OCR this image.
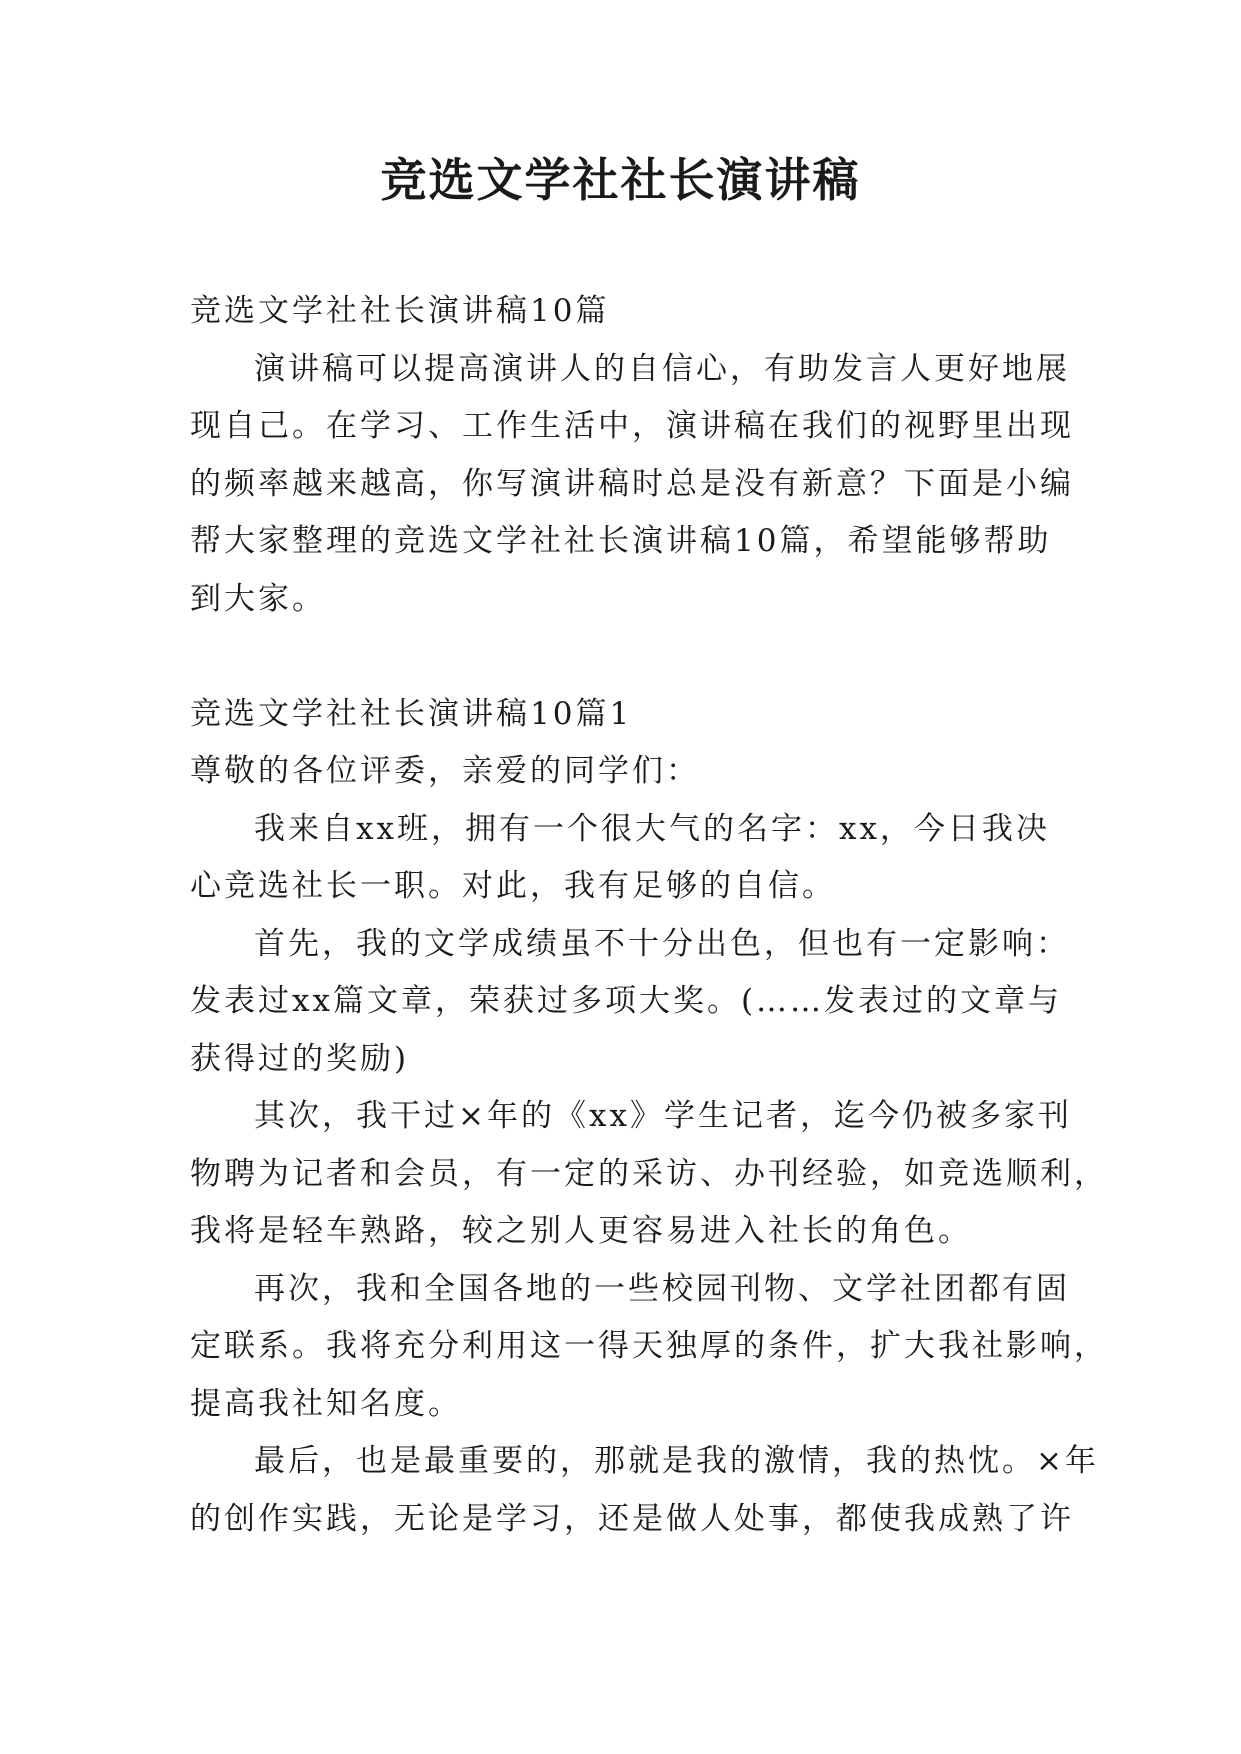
竞选文学社社长演讲稿

竞选文学社社长演讲稿10篇

演讲稿可以提高演讲人的自信心，有助发言人更好地展

现自己。在学习、工作生活中，演讲稿在我们的视野里出现

的频率越来越高，你写演讲稿时总是没有新意？下面是小编

帮大家整理的竞选文学社社长演讲稿10篇，希望能够帮助

到大家。

竞选文学社社长演讲稿10篇1

尊敬的各位评委，亲爱的同学们：

我来自xx班，拥有一个很大气的名字：xx，今日我决

心竞选社长一职。对此，我有足够的自信。

首先，我的文学成绩虽不十分出色，但也有一定影响：

发表过xx篇文章，荣获过多项大奖。(……发表过的文章与

获得过的奖励)

其次，我干过×年的《xx》学生记者，迄今仍被多家刊

物聘为记者和会员，有一定的采访、办刊经验，如竞选顺利，

我将是轻车熟路，较之别人更容易进入社长的角色。

再次，我和全国各地的一些校园刊物、文学社团都有固

定联系。我将充分利用这一得天独厚的条件，扩大我社影响，

提高我社知名度。

最后，也是最重要的，那就是我的激情，我的热忱。×年

的创作实践，无论是学习，还是做人处事，都使我成熟了许
